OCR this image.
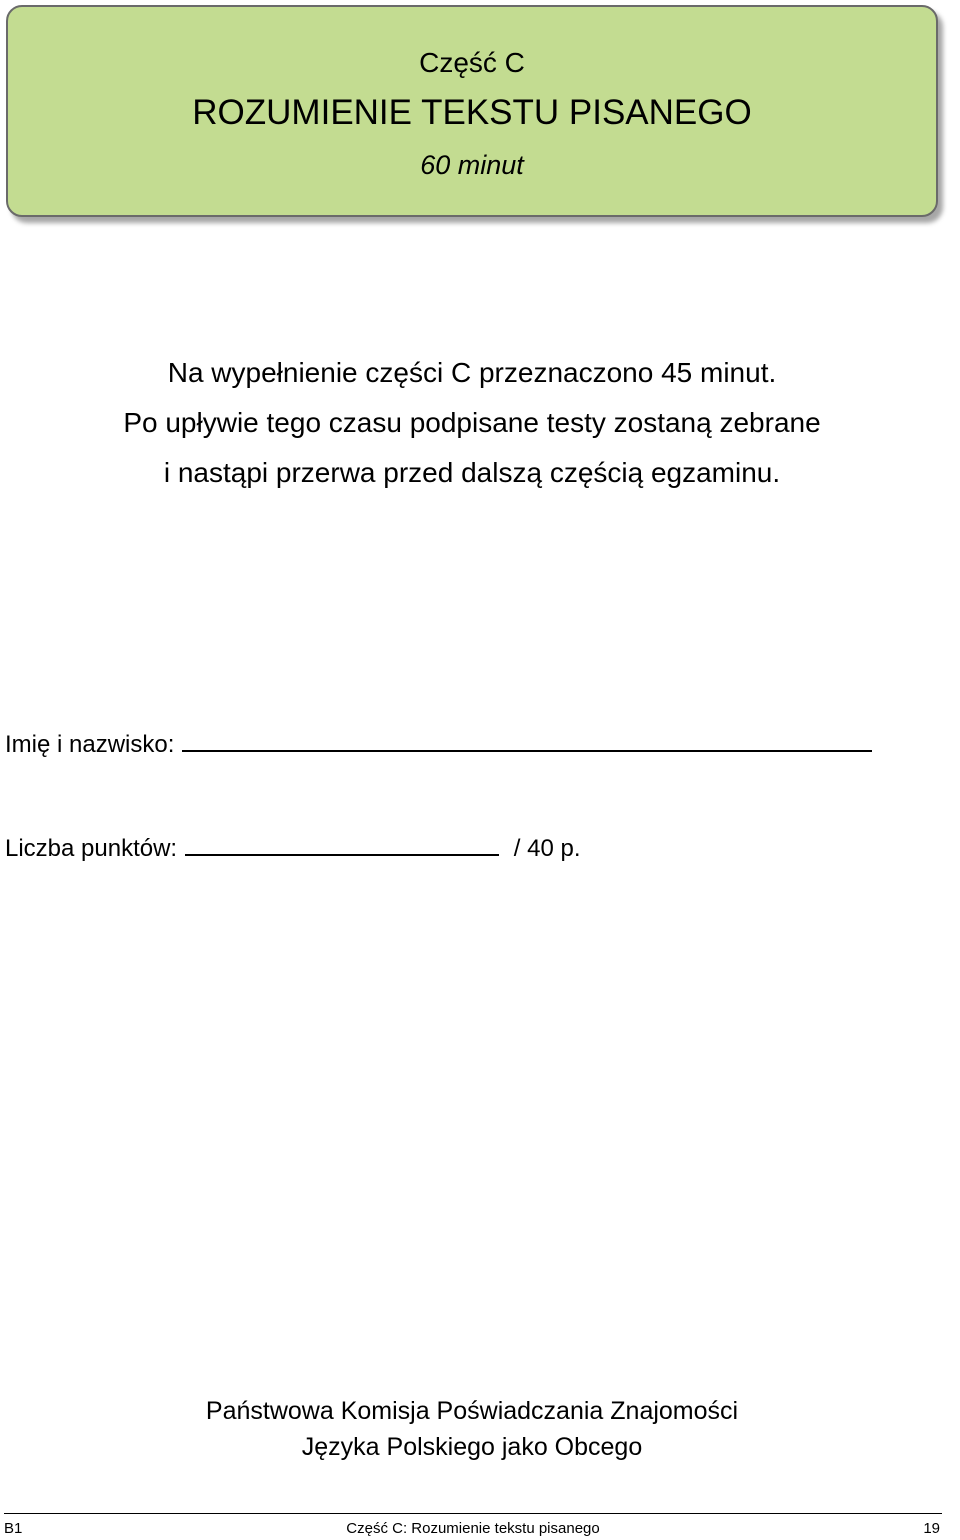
Część C
ROZUMIENIE TEKSTU PISANEGO
60 minut
Na wypełnienie części C przeznaczono 45 minut.
Po upływie tego czasu podpisane testy zostaną zebrane
i nastąpi przerwa przed dalszą częścią egzaminu.
Imię i nazwisko:
Liczba punktów:	/ 40 p.
Państwowa Komisja Poświadczania Znajomości
Języka Polskiego jako Obcego
B1	Część C: Rozumienie tekstu pisanego	19
